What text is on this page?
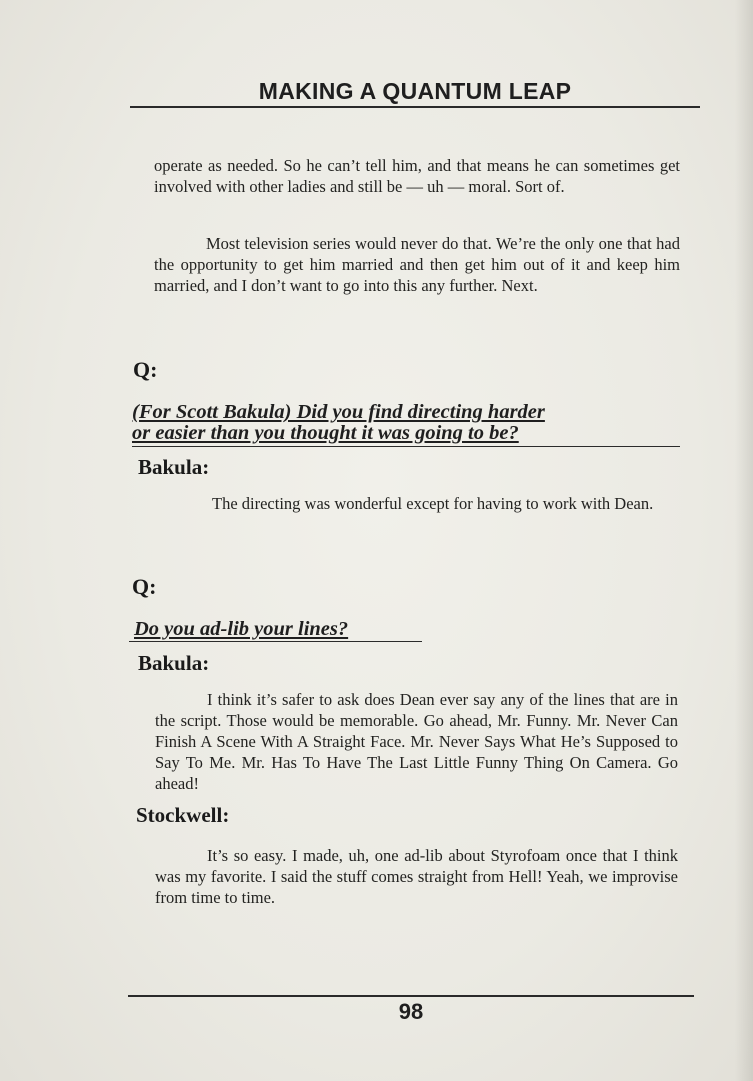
MAKING A QUANTUM LEAP

operate as needed. So he can’t tell him, and that means he can sometimes get involved with other ladies and still be — uh — moral. Sort of.

Most television series would never do that. We’re the only one that had the opportunity to get him married and then get him out of it and keep him married, and I don’t want to go into this any further. Next.

Q:
(For Scott Bakula) Did you find directing harder
or easier than you thought it was going to be?
Bakula:

The directing was wonderful except for having to work with Dean.

Q:
Do you ad-lib your lines?
Bakula:

I think it’s safer to ask does Dean ever say any of the lines that are in the script. Those would be memorable. Go ahead, Mr. Funny. Mr. Never Can Finish A Scene With A Straight Face. Mr. Never Says What He’s Supposed to Say To Me. Mr. Has To Have The Last Little Funny Thing On Camera. Go ahead!

Stockwell:

It’s so easy. I made, uh, one ad-lib about Styrofoam once that I think was my favorite. I said the stuff comes straight from Hell! Yeah, we improvise from time to time.

98
